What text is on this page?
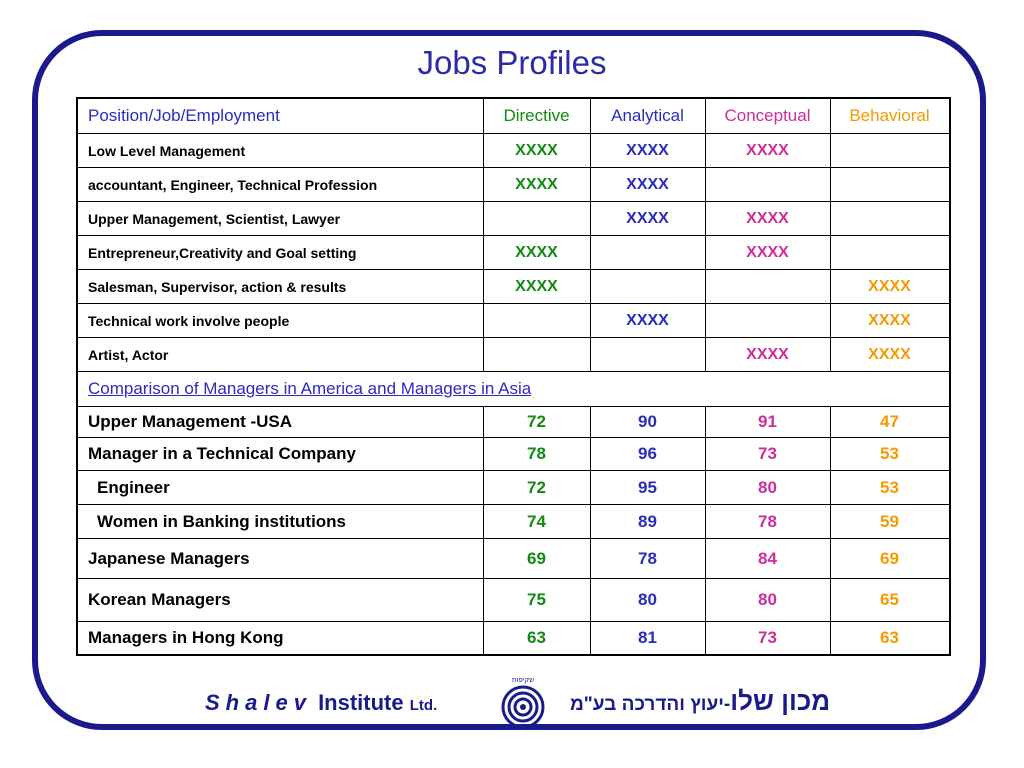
Jobs Profiles
Position/Job/Employment	Directive	Analytical	Conceptual	Behavioral
Low Level Management	XXXX	XXXX	XXXX	
accountant, Engineer, Technical Profession	XXXX	XXXX		
Upper Management, Scientist, Lawyer		XXXX	XXXX	
Entrepreneur,Creativity and Goal setting	XXXX		XXXX	
Salesman, Supervisor, action & results	XXXX			XXXX
Technical work involve people		XXXX		XXXX
Artist, Actor			XXXX	XXXX
Comparison of Managers in America and Managers in Asia				
Upper Management -USA	72	90	91	47
Manager in a Technical Company	78	96	73	53
Engineer	72	95	80	53
Women in Banking institutions	74	89	78	59
Japanese Managers	69	78	84	69
Korean Managers	75	80	80	65
Managers in Hong Kong	63	81	73	63
Shalev Institute Ltd.
שקיפות
מכון שלו-יעוץ והדרכה בע"מ
